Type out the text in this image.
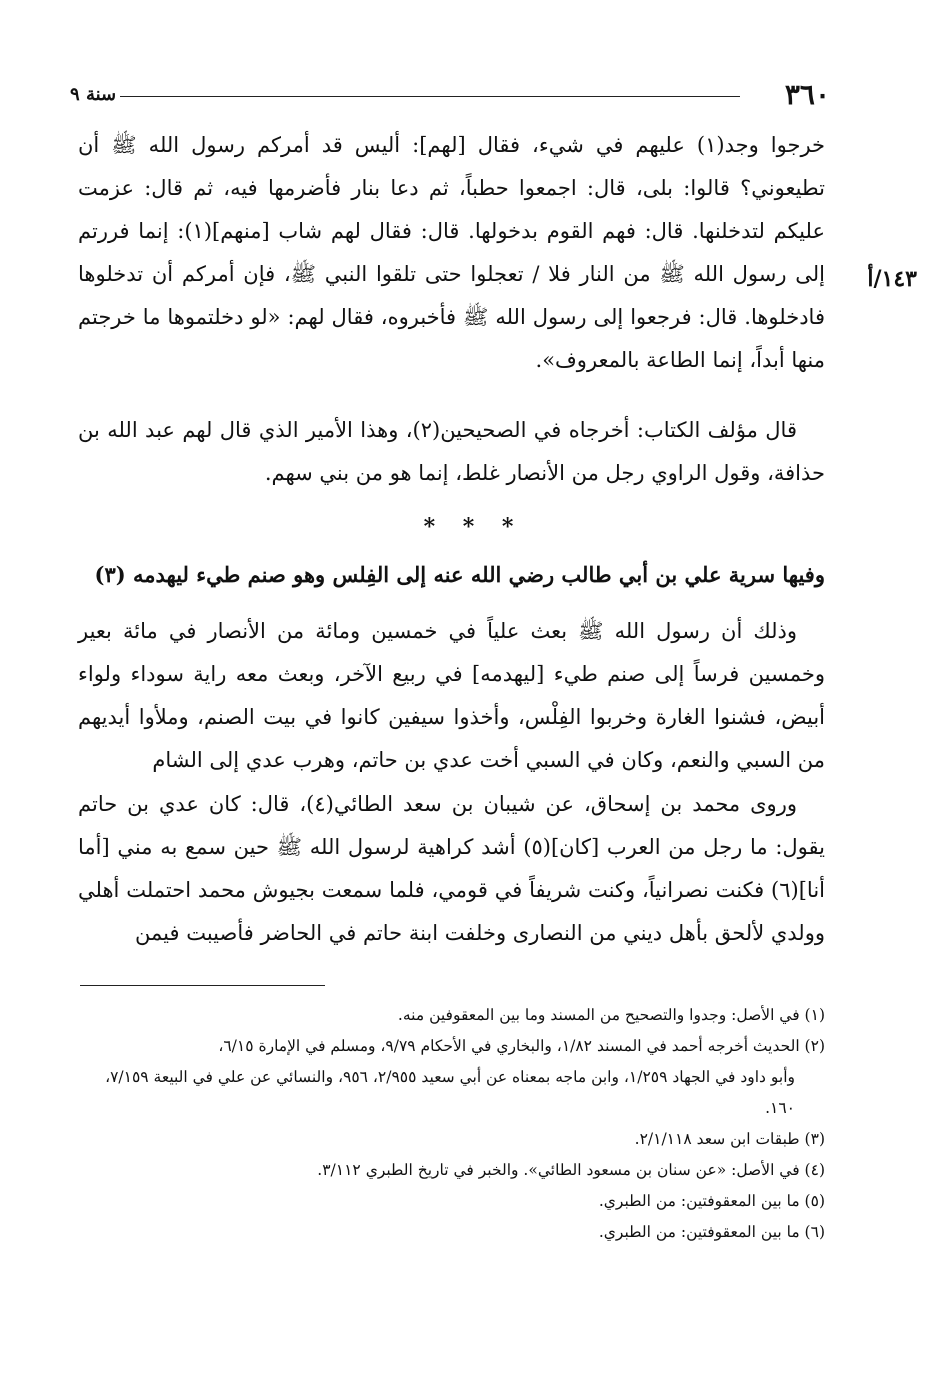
٣٦٠
سنة ٩
١٤٣/أ

خرجوا وجد(١) عليهم في شيء، فقال [لهم]: أليس قد أمركم رسول الله ﷺ أن تطيعوني؟ قالوا: بلى، قال: اجمعوا حطباً، ثم دعا بنار فأضرمها فيه، ثم قال: عزمت عليكم لتدخلنها. قال: فهم القوم بدخولها. قال: فقال لهم شاب [منهم](١): إنما فررتم إلى رسول الله ﷺ من النار فلا / تعجلوا حتى تلقوا النبي ﷺ، فإن أمركم أن تدخلوها فادخلوها. قال: فرجعوا إلى رسول الله ﷺ فأخبروه، فقال لهم: «لو دخلتموها ما خرجتم منها أبداً، إنما الطاعة بالمعروف».

قال مؤلف الكتاب: أخرجاه في الصحيحين(٢)، وهذا الأمير الذي قال لهم عبد الله بن حذافة، وقول الراوي رجل من الأنصار غلط، إنما هو من بني سهم.

* * *
وفيها سرية علي بن أبي طالب رضي الله عنه إلى الفِلس وهو صنم طيء ليهدمه (٣)

وذلك أن رسول الله ﷺ بعث علياً في خمسين ومائة من الأنصار في مائة بعير وخمسين فرساً إلى صنم طيء [ليهدمه] في ربيع الآخر، وبعث معه راية سوداء ولواء أبيض، فشنوا الغارة وخربوا الفِلْس، وأخذوا سيفين كانوا في بيت الصنم، وملأوا أيديهم من السبي والنعم، وكان في السبي أخت عدي بن حاتم، وهرب عدي إلى الشام

وروى محمد بن إسحاق، عن شيبان بن سعد الطائي(٤)، قال: كان عدي بن حاتم يقول: ما رجل من العرب [كان](٥) أشد كراهية لرسول الله ﷺ حين سمع به مني [أما أنا](٦) فكنت نصرانياً، وكنت شريفاً في قومي، فلما سمعت بجيوش محمد احتملت أهلي وولدي لألحق بأهل ديني من النصارى وخلفت ابنة حاتم في الحاضر فأصيبت فيمن

(١) في الأصل: وجدوا والتصحيح من المسند وما بين المعقوفين منه.

(٢) الحديث أخرجه أحمد في المسند ١/٨٢، والبخاري في الأحكام ٩/٧٩، ومسلم في الإمارة ٦/١٥،

وأبو داود في الجهاد ١/٢٥٩، وابن ماجه بمعناه عن أبي سعيد ٢/٩٥٥، ٩٥٦، والنسائي عن علي في البيعة ٧/١٥٩، ١٦٠.

(٣) طبقات ابن سعد ٢/١/١١٨.

(٤) في الأصل: «عن سنان بن مسعود الطائي». والخبر في تاريخ الطبري ٣/١١٢.

(٥) ما بين المعقوفتين: من الطبري.

(٦) ما بين المعقوفتين: من الطبري.
